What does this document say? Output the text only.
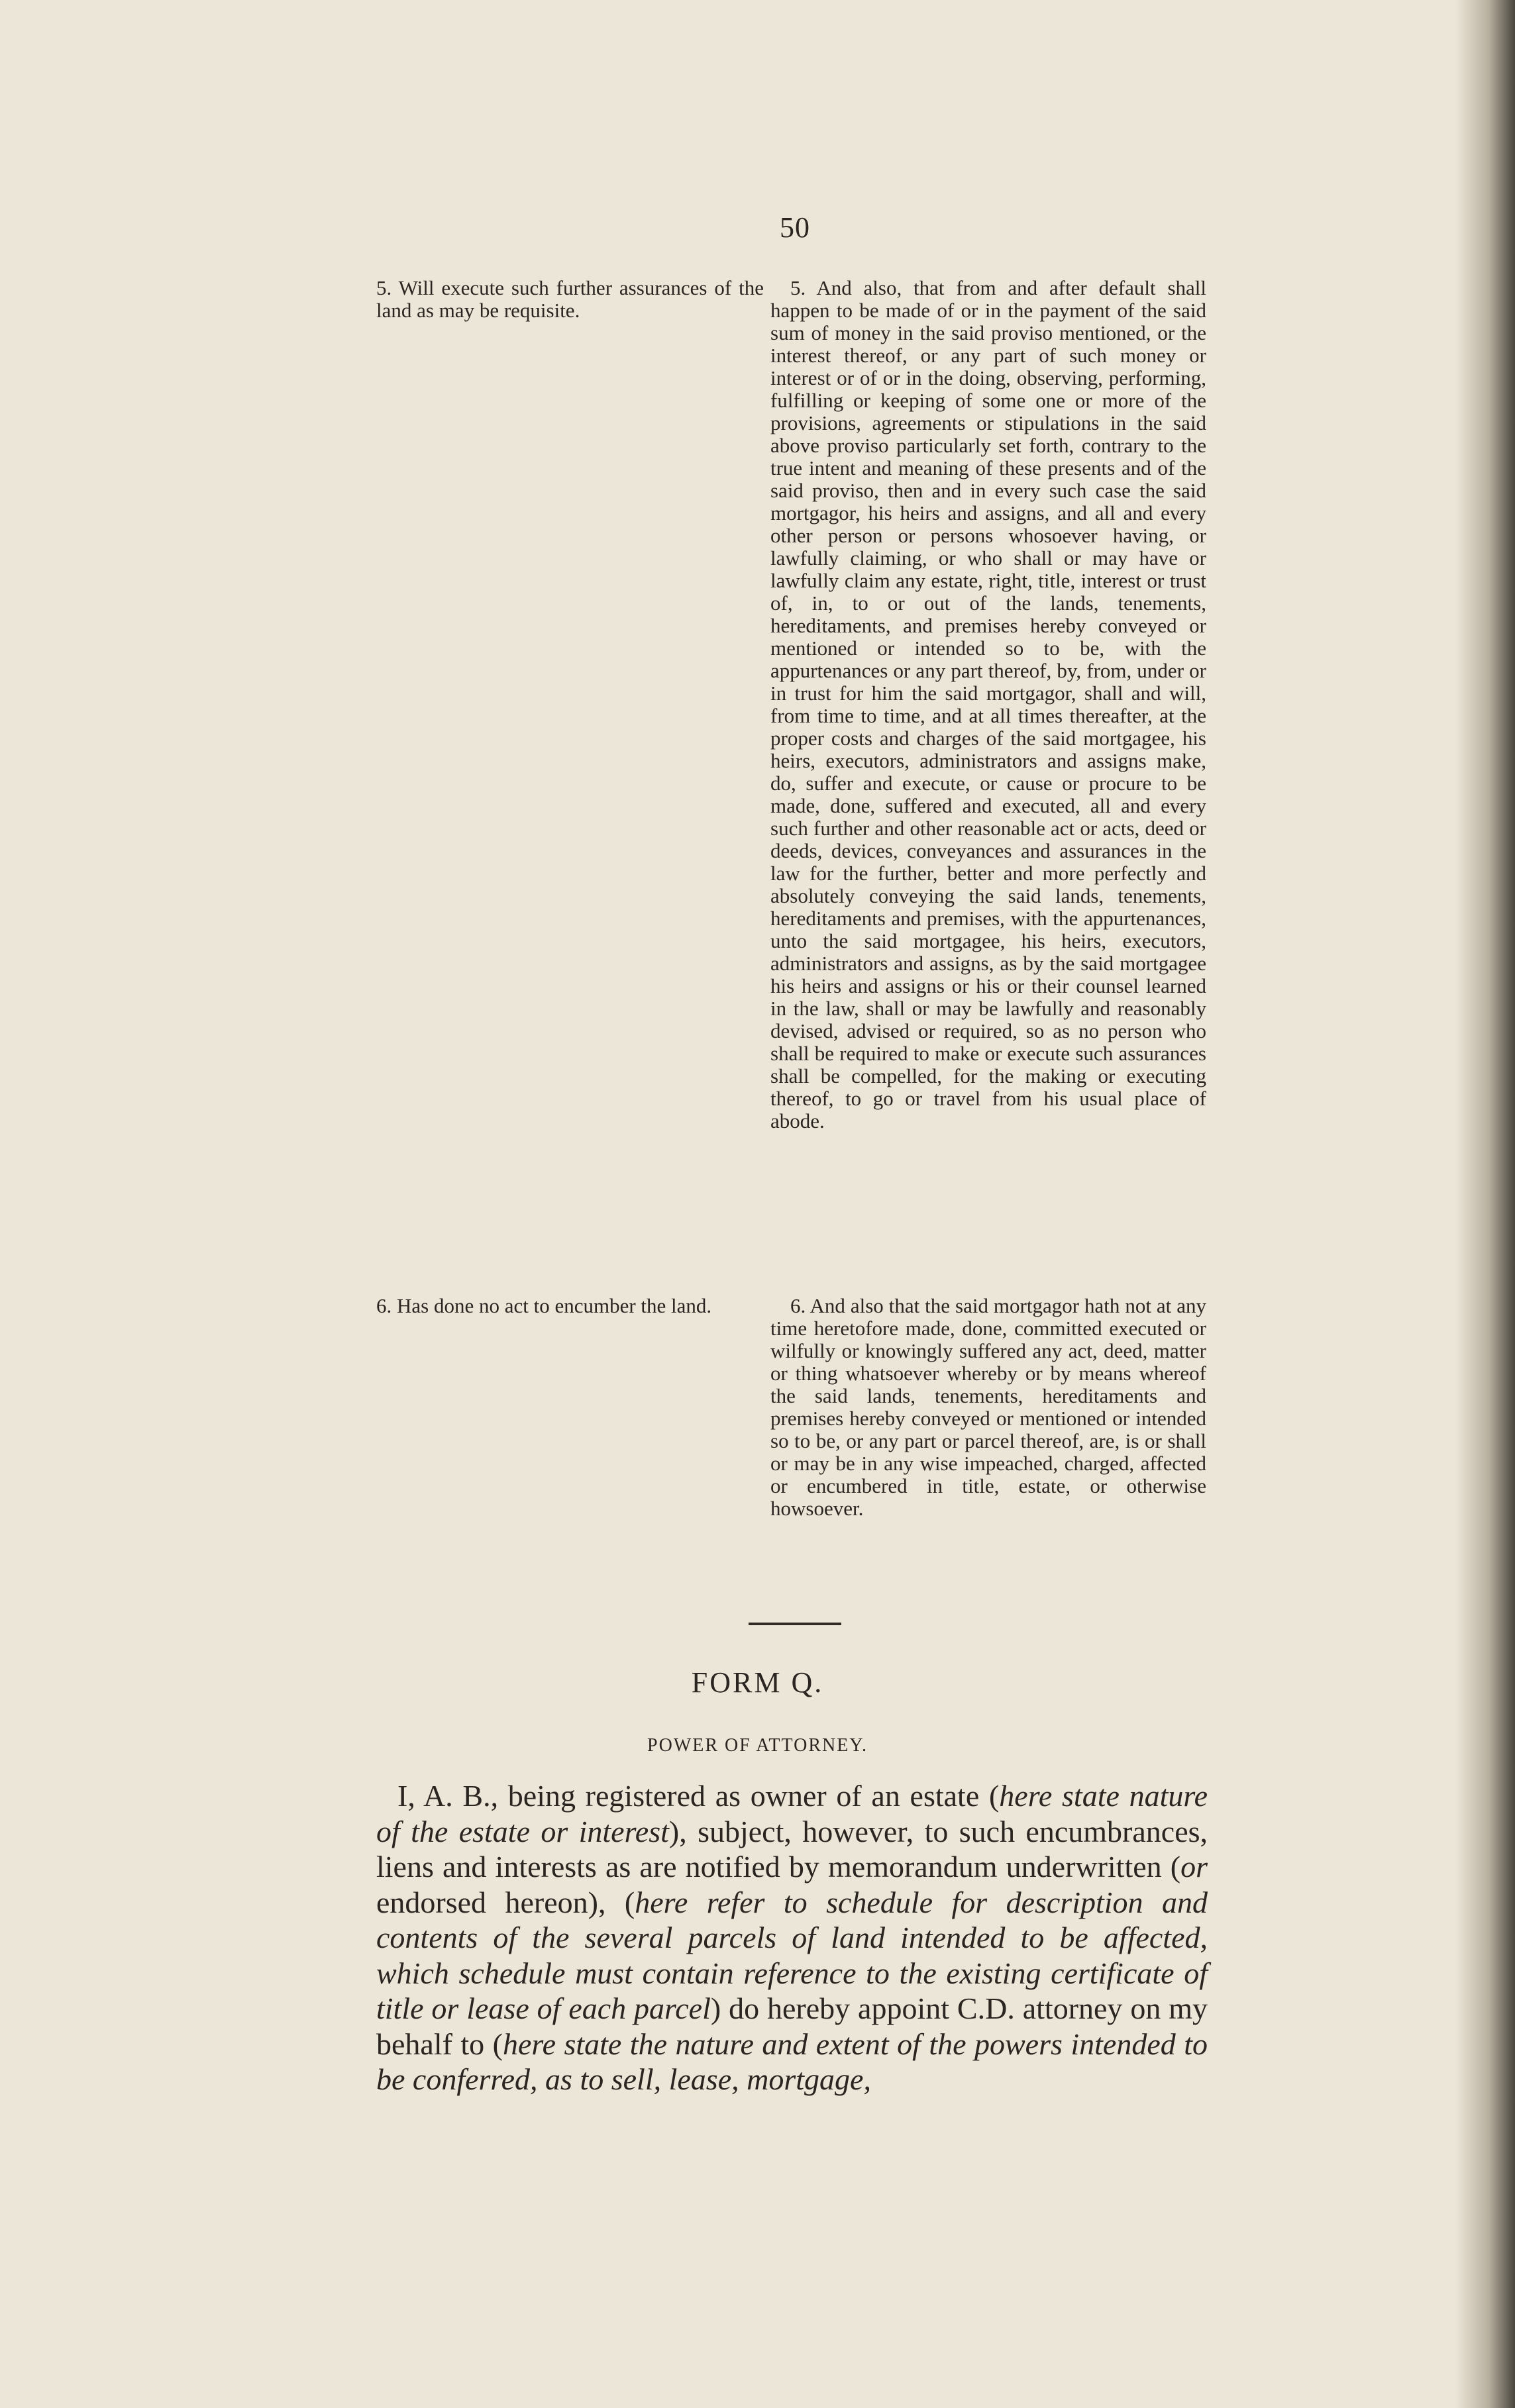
50
5. Will execute such further assurances of the land as may be requisite.

5. And also, that from and after default shall happen to be made of or in the payment of the said sum of money in the said proviso mentioned, or the interest thereof, or any part of such money or interest or of or in the doing, observing, performing, fulfilling or keeping of some one or more of the provisions, agreements or stipulations in the said above proviso particularly set forth, contrary to the true intent and meaning of these presents and of the said proviso, then and in every such case the said mortgagor, his heirs and assigns, and all and every other person or persons whosoever having, or lawfully claiming, or who shall or may have or lawfully claim any estate, right, title, interest or trust of, in, to or out of the lands, tenements, hereditaments, and premises hereby conveyed or mentioned or intended so to be, with the appurtenances or any part thereof, by, from, under or in trust for him the said mortgagor, shall and will, from time to time, and at all times thereafter, at the proper costs and charges of the said mortgagee, his heirs, executors, administrators and assigns make, do, suffer and execute, or cause or procure to be made, done, suffered and executed, all and every such further and other reasonable act or acts, deed or deeds, devices, conveyances and assurances in the law for the further, better and more perfectly and absolutely conveying the said lands, tenements, hereditaments and premises, with the appurtenances, unto the said mortgagee, his heirs, executors, administrators and assigns, as by the said mortgagee his heirs and assigns or his or their counsel learned in the law, shall or may be lawfully and reasonably devised, advised or required, so as no person who shall be required to make or execute such assurances shall be compelled, for the making or executing thereof, to go or travel from his usual place of abode.

6. Has done no act to encumber the land.	6. And also that the said mortgagor hath not at any time heretofore made, done, committed executed or wilfully or knowingly suffered any act, deed, matter or thing whatsoever whereby or by means whereof the said lands, tenements, hereditaments and premises hereby conveyed or mentioned or intended so to be, or any part or parcel thereof, are, is or shall or may be in any wise impeached, charged, affected or encumbered in title, estate, or otherwise howsoever.

FORM Q.
POWER OF ATTORNEY.

I, A. B., being registered as owner of an estate (here state nature of the estate or interest), subject, however, to such encumbrances, liens and interests as are notified by memorandum underwritten (or endorsed hereon), (here refer to schedule for description and contents of the several parcels of land intended to be affected, which schedule must contain reference to the existing certificate of title or lease of each parcel) do hereby appoint C.D. attorney on my behalf to (here state the nature and extent of the powers intended to be conferred, as to sell, lease, mortgage,
